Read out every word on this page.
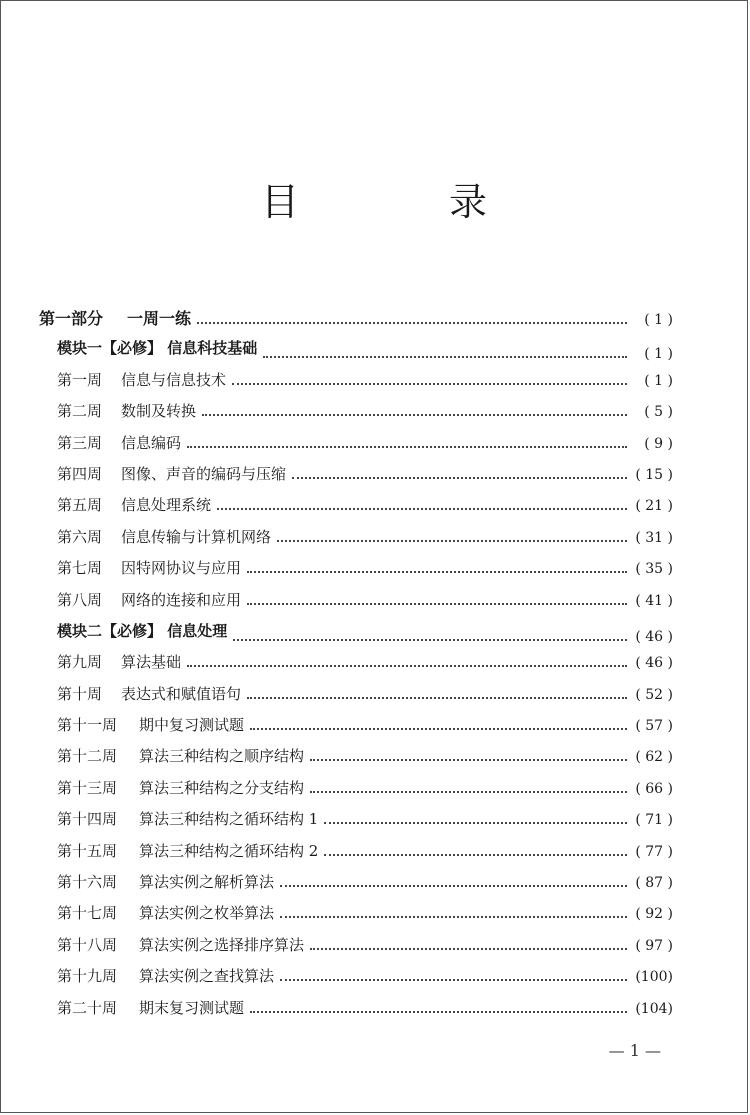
目　录
第一部分	一周一练	( 1 )
模块一【必修】 信息科技基础	( 1 )
第一周	信息与信息技术	( 1 )
第二周	数制及转换	( 5 )
第三周	信息编码	( 9 )
第四周	图像、声音的编码与压缩	( 15 )
第五周	信息处理系统	( 21 )
第六周	信息传输与计算机网络	( 31 )
第七周	因特网协议与应用	( 35 )
第八周	网络的连接和应用	( 41 )
模块二【必修】 信息处理	( 46 )
第九周	算法基础	( 46 )
第十周	表达式和赋值语句	( 52 )
第十一周	期中复习测试题	( 57 )
第十二周	算法三种结构之顺序结构	( 62 )
第十三周	算法三种结构之分支结构	( 66 )
第十四周	算法三种结构之循环结构 1	( 71 )
第十五周	算法三种结构之循环结构 2	( 77 )
第十六周	算法实例之解析算法	( 87 )
第十七周	算法实例之枚举算法	( 92 )
第十八周	算法实例之选择排序算法	( 97 )
第十九周	算法实例之查找算法	(100)
第二十周	期末复习测试题	(104)
— 1 —
